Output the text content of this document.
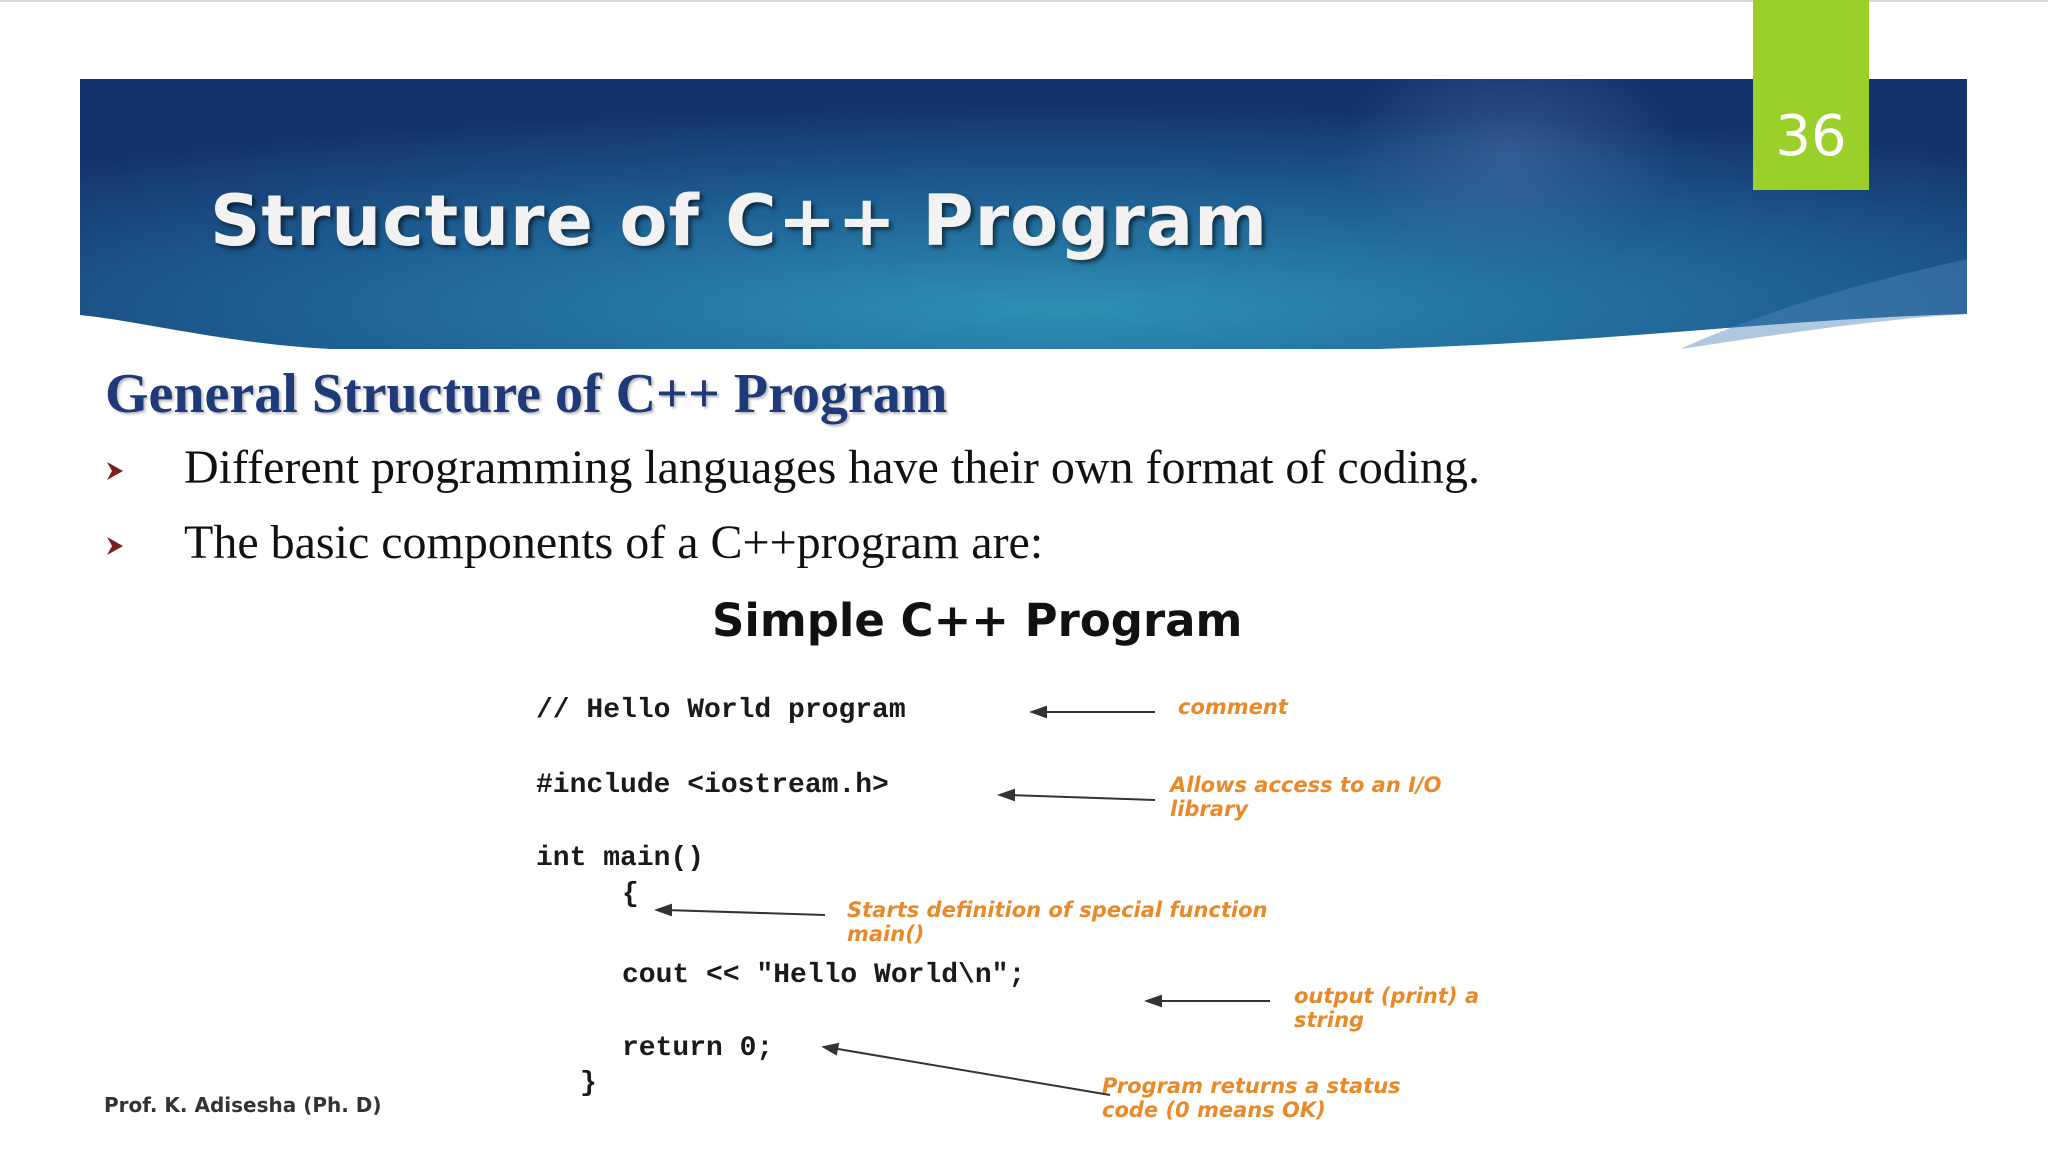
Structure of C++ Program
36
General Structure of C++ Program
Different programming languages have their own format of coding.
The basic components of a C++program are:
Simple C++ Program
// Hello World program
#include <iostream.h>
int main()
{
cout << "Hello World\n";
return 0;
}
comment
Allows access to an I/O
library
Starts definition of special function
main()
output (print) a
string
Program returns a status
code (0 means OK)
Prof. K. Adisesha (Ph. D)
